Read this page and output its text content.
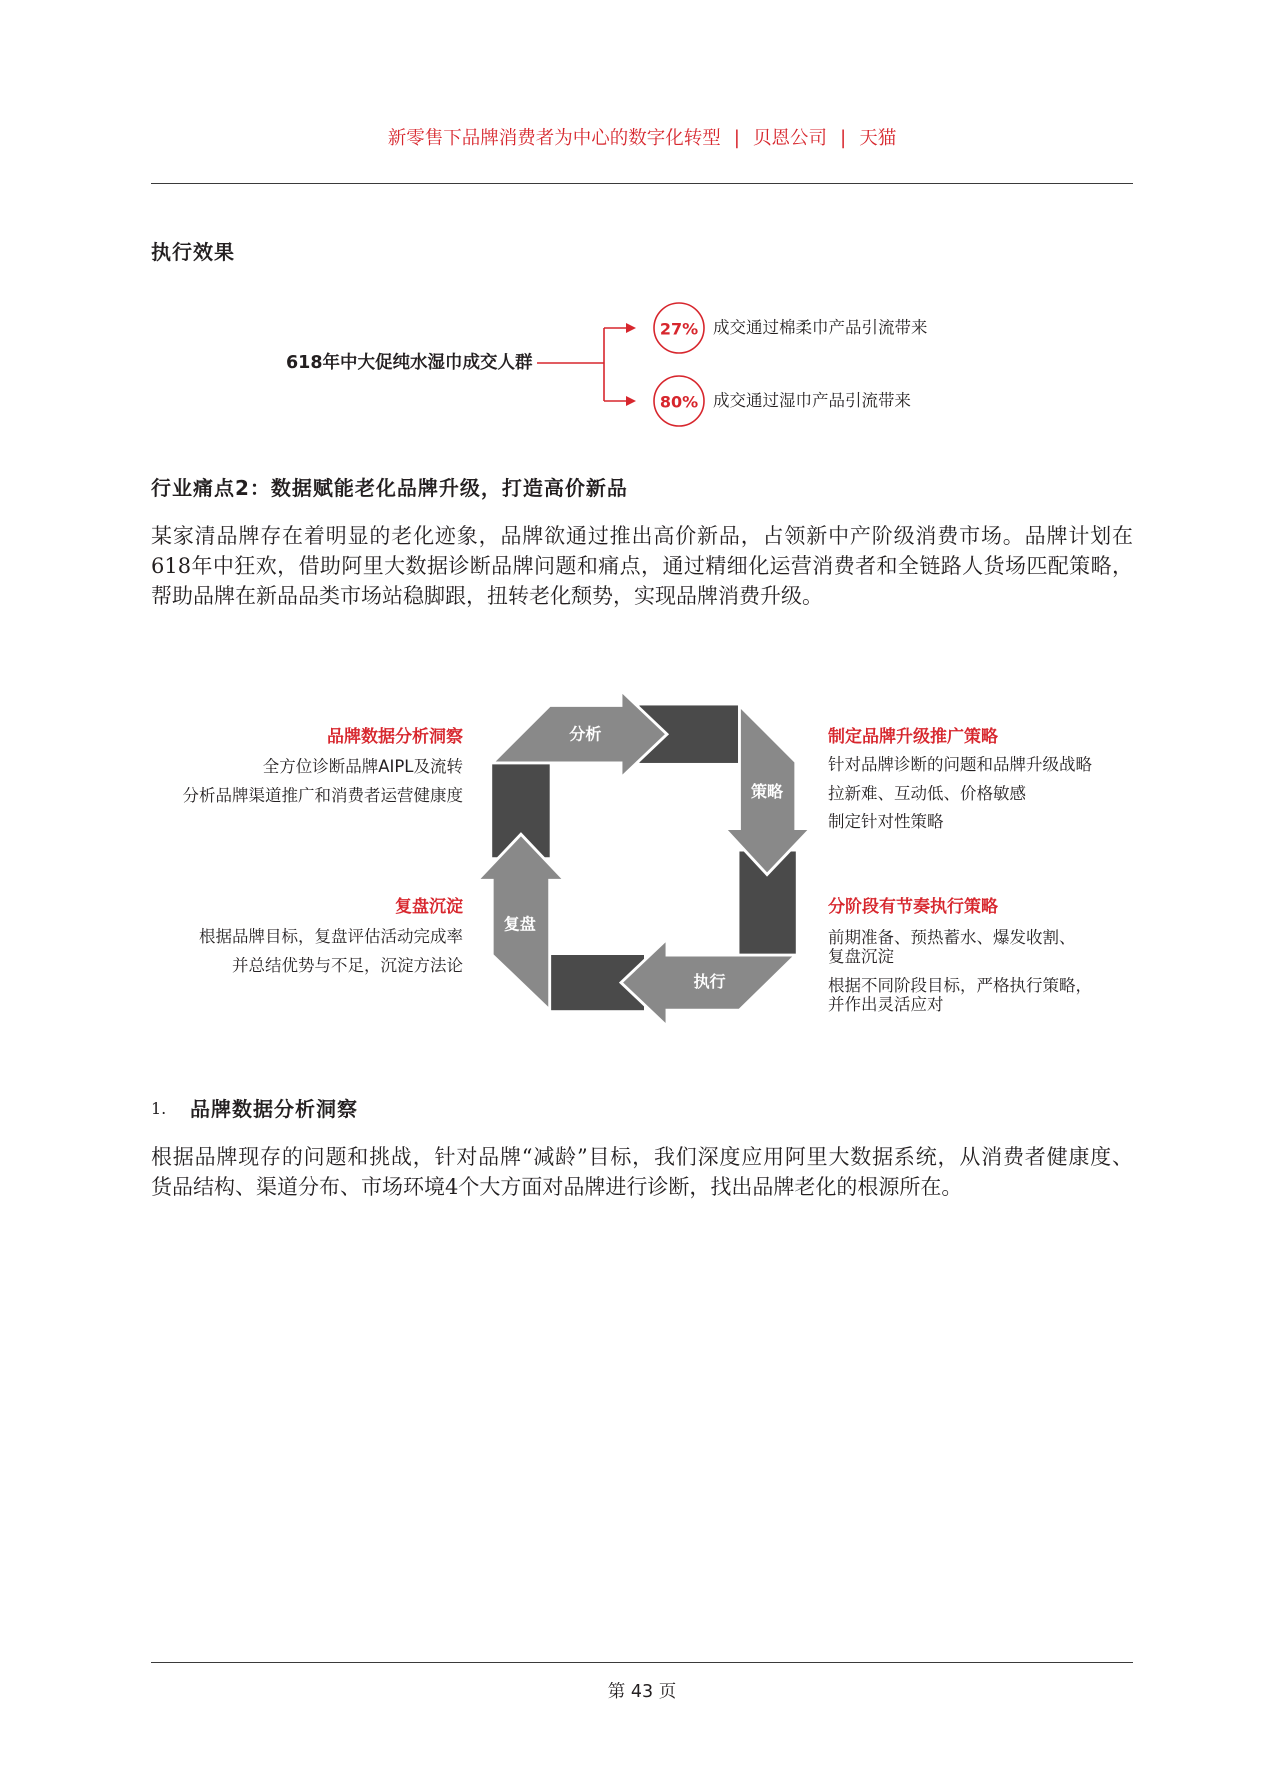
新零售下品牌消费者为中心的数字化转型 | 贝恩公司 | 天猫
执行效果
618年中大促纯水湿巾成交人群
27%
80%
成交通过棉柔巾产品引流带来
成交通过湿巾产品引流带来
行业痛点2：数据赋能老化品牌升级，打造高价新品
某家清品牌存在着明显的老化迹象，品牌欲通过推出高价新品，占领新中产阶级消费市场。品牌计划在
618年中狂欢，借助阿里大数据诊断品牌问题和痛点，通过精细化运营消费者和全链路人货场匹配策略，
帮助品牌在新品品类市场站稳脚跟，扭转老化颓势，实现品牌消费升级。
分析
策略
执行
复盘
品牌数据分析洞察
全方位诊断品牌AIPL及流转
分析品牌渠道推广和消费者运营健康度
复盘沉淀
根据品牌目标，复盘评估活动完成率
并总结优势与不足，沉淀方法论
制定品牌升级推广策略
针对品牌诊断的问题和品牌升级战略
拉新难、互动低、价格敏感
制定针对性策略
分阶段有节奏执行策略
前期准备、预热蓄水、爆发收割、
复盘沉淀
根据不同阶段目标，严格执行策略，
并作出灵活应对
1. 品牌数据分析洞察
根据品牌现存的问题和挑战，针对品牌“减龄”目标，我们深度应用阿里大数据系统，从消费者健康度、
货品结构、渠道分布、市场环境4个大方面对品牌进行诊断，找出品牌老化的根源所在。
第 43 页
